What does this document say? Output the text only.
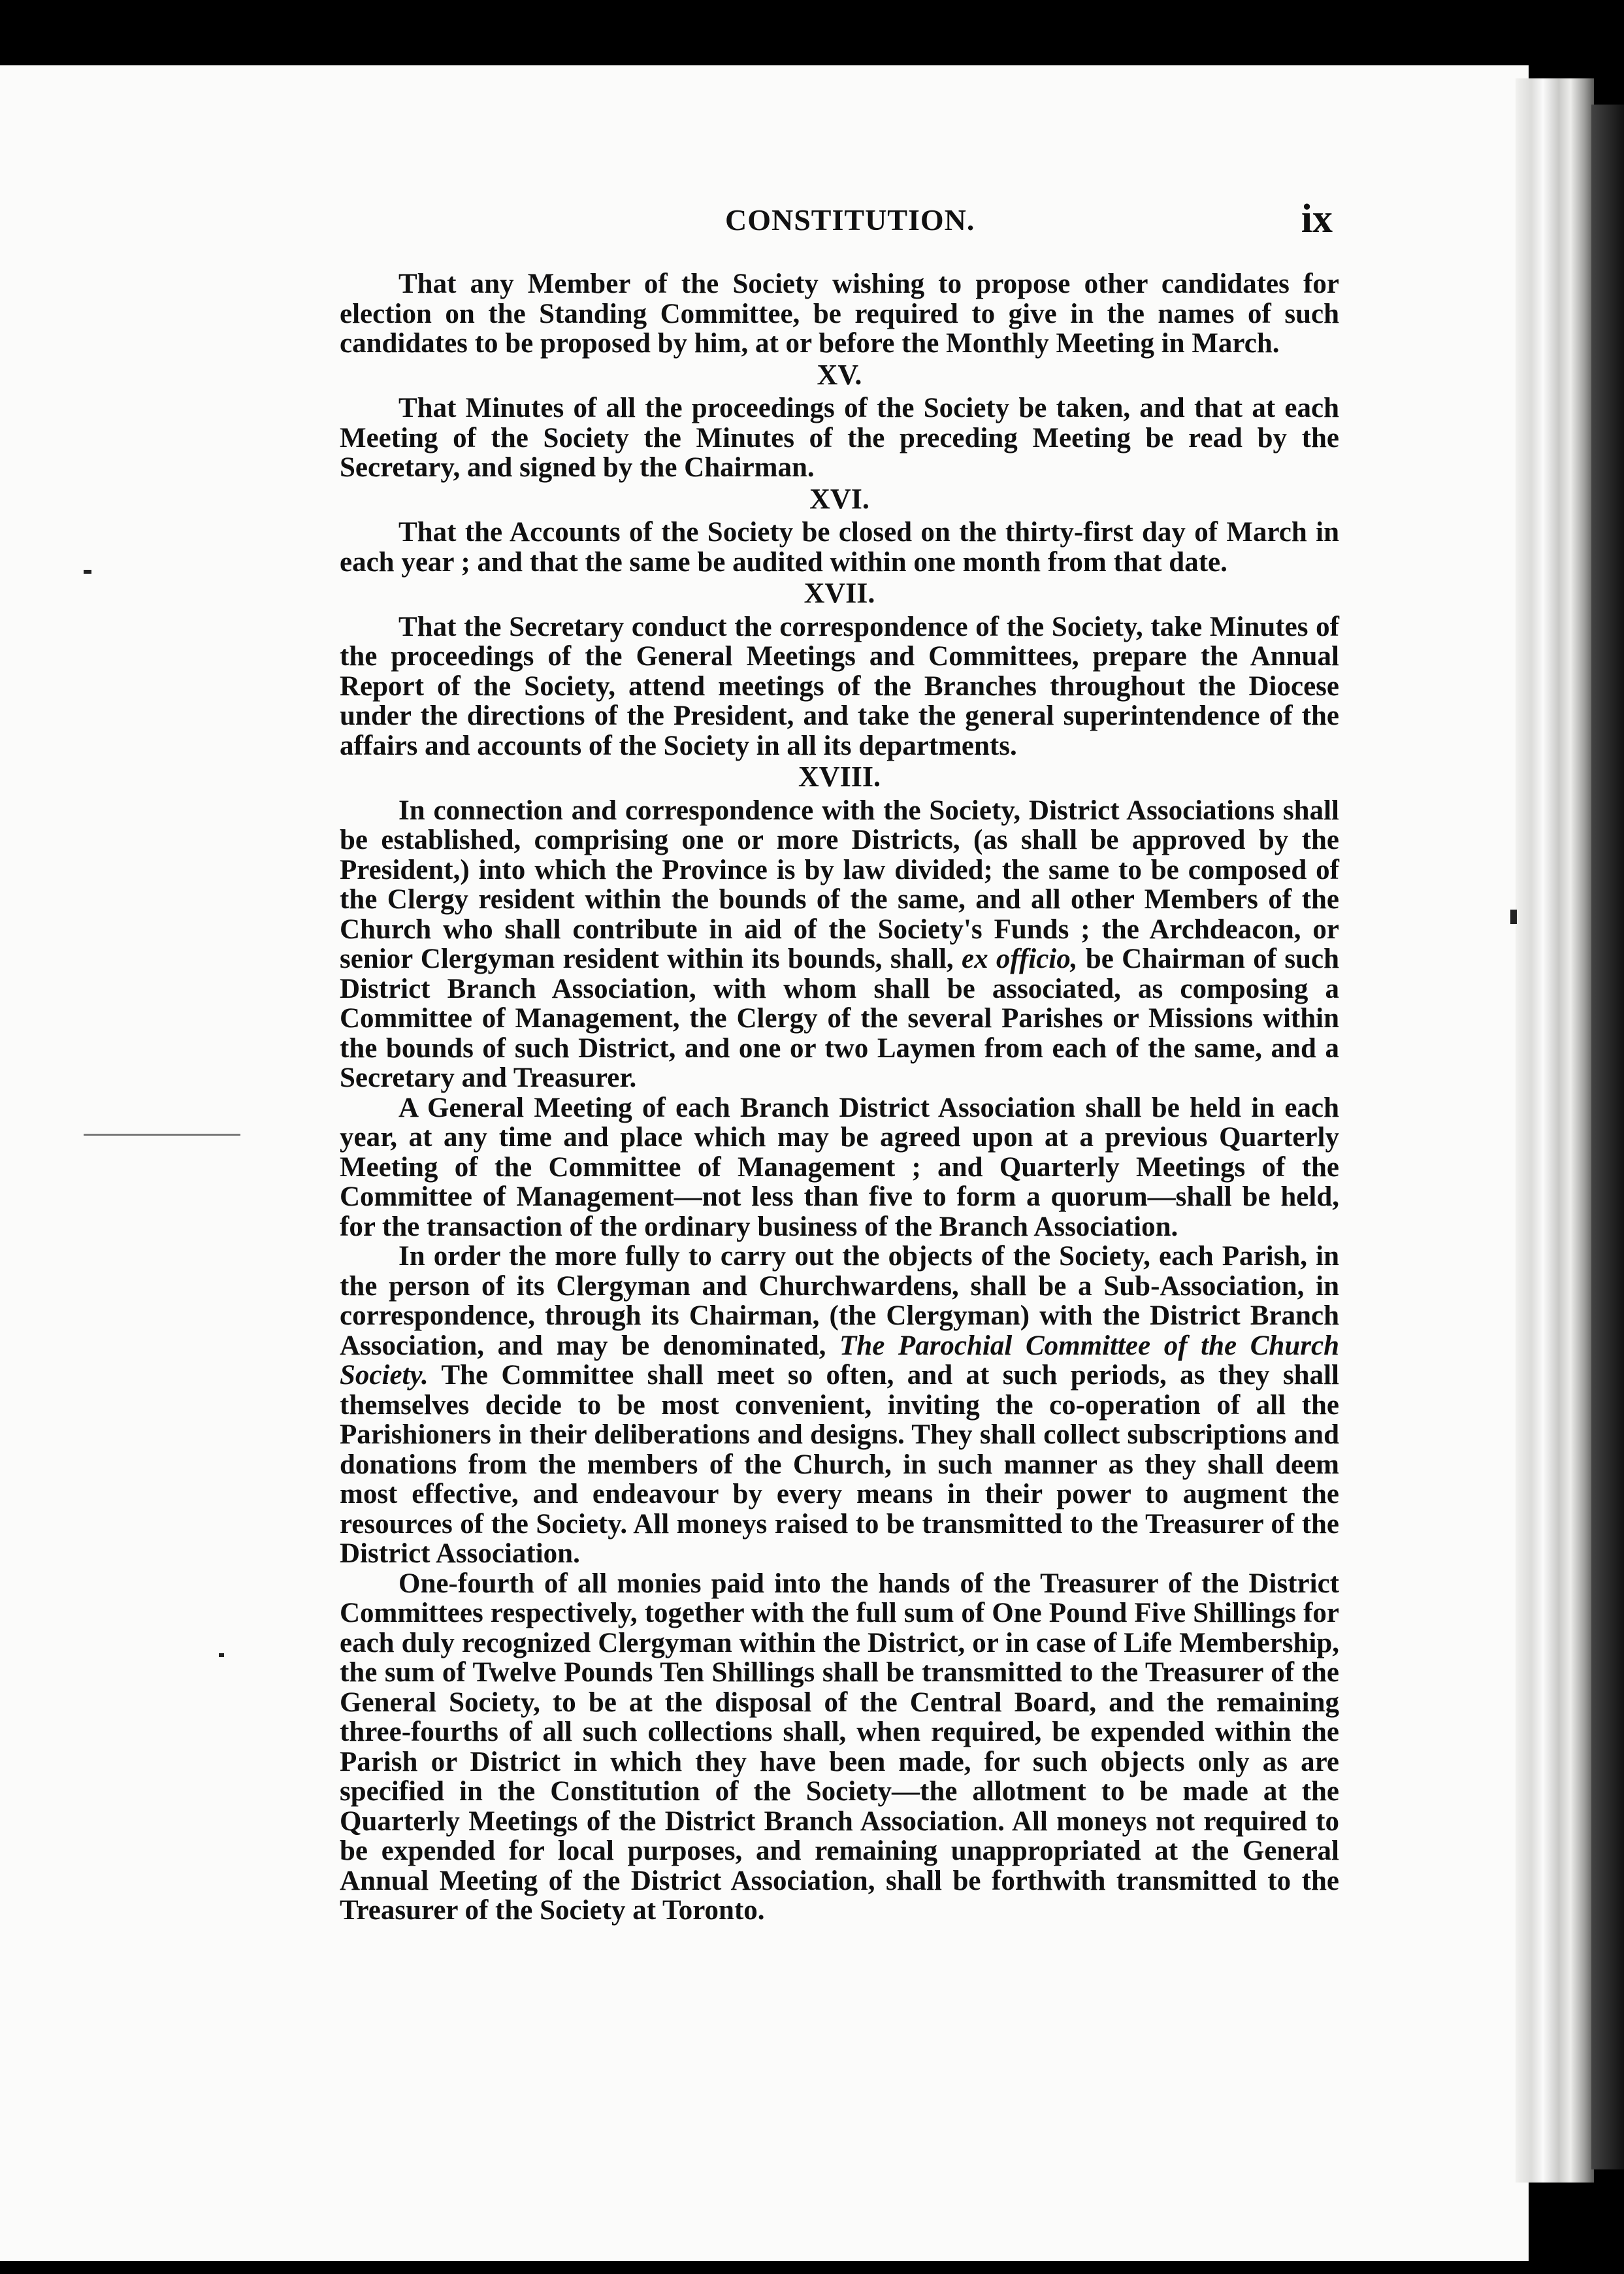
CONSTITUTION.	ix

That any Member of the Society wishing to propose other candidates for election on the Standing Committee, be required to give in the names of such candidates to be proposed by him, at or before the Monthly Meeting in March.

XV.

That Minutes of all the proceedings of the Society be taken, and that at each Meeting of the Society the Minutes of the preceding Meeting be read by the Secretary, and signed by the Chairman.

XVI.

That the Accounts of the Society be closed on the thirty-first day of March in each year ; and that the same be audited within one month from that date.

XVII.

That the Secretary conduct the correspondence of the Society, take Minutes of the proceedings of the General Meetings and Committees, prepare the Annual Report of the Society, attend meetings of the Branches throughout the Diocese under the directions of the President, and take the general superintendence of the affairs and accounts of the Society in all its departments.

XVIII.

In connection and correspondence with the Society, District Associations shall be established, comprising one or more Districts, (as shall be approved by the President,) into which the Province is by law divided; the same to be composed of the Clergy resident within the bounds of the same, and all other Members of the Church who shall contribute in aid of the Society's Funds ; the Archdeacon, or senior Clergyman resident within its bounds, shall, ex officio, be Chairman of such District Branch Association, with whom shall be associated, as composing a Committee of Management, the Clergy of the several Parishes or Missions within the bounds of such District, and one or two Laymen from each of the same, and a Secretary and Treasurer.

A General Meeting of each Branch District Association shall be held in each year, at any time and place which may be agreed upon at a previous Quarterly Meeting of the Committee of Management ; and Quarterly Meetings of the Committee of Management—not less than five to form a quorum—shall be held, for the transaction of the ordinary business of the Branch Association.

In order the more fully to carry out the objects of the Society, each Parish, in the person of its Clergyman and Churchwardens, shall be a Sub-Association, in correspondence, through its Chairman, (the Clergyman) with the District Branch Association, and may be denominated, The Parochial Committee of the Church Society. The Committee shall meet so often, and at such periods, as they shall themselves decide to be most convenient, inviting the co-operation of all the Parishioners in their deliberations and designs. They shall collect subscriptions and donations from the members of the Church, in such manner as they shall deem most effective, and endeavour by every means in their power to augment the resources of the Society. All moneys raised to be transmitted to the Treasurer of the District Association.

One-fourth of all monies paid into the hands of the Treasurer of the District Committees respectively, together with the full sum of One Pound Five Shillings for each duly recognized Clergyman within the District, or in case of Life Membership, the sum of Twelve Pounds Ten Shillings shall be transmitted to the Treasurer of the General Society, to be at the disposal of the Central Board, and the remaining three-fourths of all such collections shall, when required, be expended within the Parish or District in which they have been made, for such objects only as are specified in the Constitution of the Society—the allotment to be made at the Quarterly Meetings of the District Branch Association. All moneys not required to be expended for local purposes, and remaining unappropriated at the General Annual Meeting of the District Association, shall be forthwith transmitted to the Treasurer of the Society at Toronto.
